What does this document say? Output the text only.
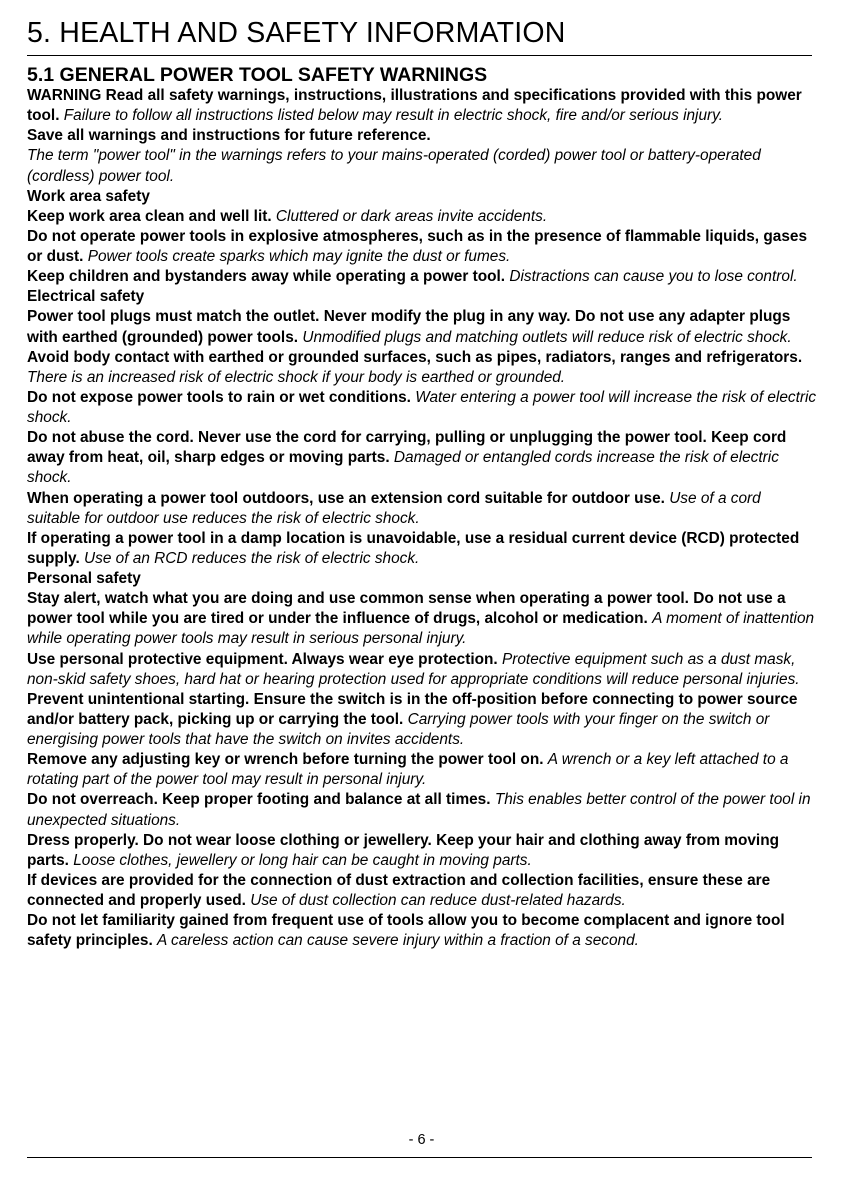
5. HEALTH AND SAFETY INFORMATION
5.1 GENERAL POWER TOOL SAFETY WARNINGS

WARNING Read all safety warnings, instructions, illustrations and specifications provided with this power tool. Failure to follow all instructions listed below may result in electric shock, fire and/or serious injury.

Save all warnings and instructions for future reference.

The term "power tool" in the warnings refers to your mains-operated (corded) power tool or battery-operated (cordless) power tool.

Work area safety

Keep work area clean and well lit. Cluttered or dark areas invite accidents.

Do not operate power tools in explosive atmospheres, such as in the presence of flammable liquids, gases or dust. Power tools create sparks which may ignite the dust or fumes.

Keep children and bystanders away while operating a power tool. Distractions can cause you to lose control.

Electrical safety

Power tool plugs must match the outlet. Never modify the plug in any way. Do not use any adapter plugs with earthed (grounded) power tools. Unmodified plugs and matching outlets will reduce risk of electric shock.

Avoid body contact with earthed or grounded surfaces, such as pipes, radiators, ranges and refrigerators. There is an increased risk of electric shock if your body is earthed or grounded.

Do not expose power tools to rain or wet conditions. Water entering a power tool will increase the risk of electric shock.

Do not abuse the cord. Never use the cord for carrying, pulling or unplugging the power tool. Keep cord away from heat, oil, sharp edges or moving parts. Damaged or entangled cords increase the risk of electric shock.

When operating a power tool outdoors, use an extension cord suitable for outdoor use. Use of a cord suitable for outdoor use reduces the risk of electric shock.

If operating a power tool in a damp location is unavoidable, use a residual current device (RCD) protected supply. Use of an RCD reduces the risk of electric shock.

Personal safety

Stay alert, watch what you are doing and use common sense when operating a power tool. Do not use a power tool while you are tired or under the influence of drugs, alcohol or medication. A moment of inattention while operating power tools may result in serious personal injury.

Use personal protective equipment. Always wear eye protection. Protective equipment such as a dust mask, non-skid safety shoes, hard hat or hearing protection used for appropriate conditions will reduce personal injuries.

Prevent unintentional starting. Ensure the switch is in the off-position before connecting to power source and/or battery pack, picking up or carrying the tool. Carrying power tools with your finger on the switch or energising power tools that have the switch on invites accidents.

Remove any adjusting key or wrench before turning the power tool on. A wrench or a key left attached to a rotating part of the power tool may result in personal injury.

Do not overreach. Keep proper footing and balance at all times. This enables better control of the power tool in unexpected situations.

Dress properly. Do not wear loose clothing or jewellery. Keep your hair and clothing away from moving parts. Loose clothes, jewellery or long hair can be caught in moving parts.

If devices are provided for the connection of dust extraction and collection facilities, ensure these are connected and properly used. Use of dust collection can reduce dust-related hazards.

Do not let familiarity gained from frequent use of tools allow you to become complacent and ignore tool safety principles. A careless action can cause severe injury within a fraction of a second.

- 6 -
